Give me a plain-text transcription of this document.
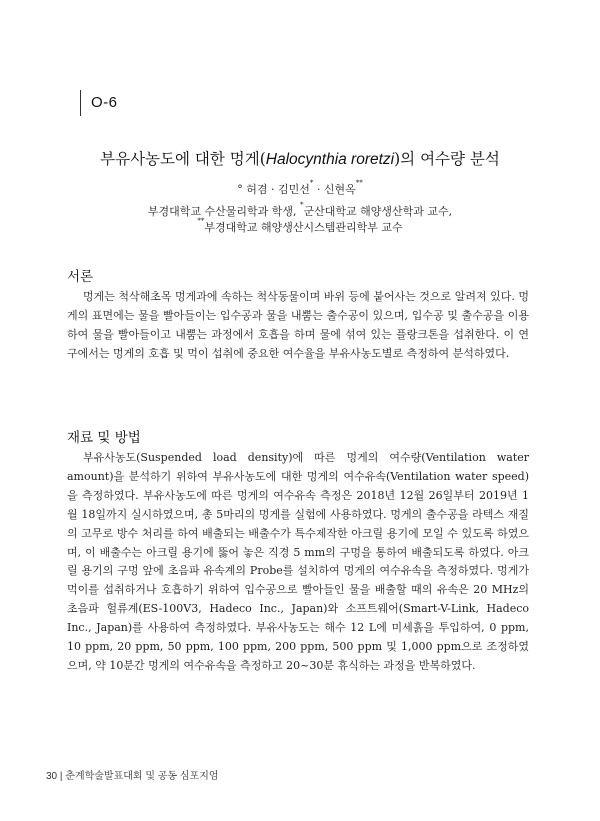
O-6
부유사농도에 대한 멍게(Halocynthia roretzi)의 여수량 분석
° 허겸 · 김민선* · 신현옥**
부경대학교 수산물리학과 학생, *군산대학교 해양생산학과 교수,
**부경대학교 해양생산시스템관리학부 교수
서론

멍게는 척삭해초목 멍게과에 속하는 척삭동물이며 바위 등에 붙어사는 것으로 알려져 있다. 멍게의 표면에는 물을 빨아들이는 입수공과 물을 내뿜는 출수공이 있으며, 입수공 및 출수공을 이용하여 물을 빨아들이고 내뿜는 과정에서 호흡을 하며 물에 섞여 있는 플랑크톤을 섭취한다. 이 연구에서는 멍게의 호흡 및 먹이 섭취에 중요한 여수율을 부유사농도별로 측정하여 분석하였다.

재료 및 방법

부유사농도(Suspended load density)에 따른 멍게의 여수량(Ventilation water amount)을 분석하기 위하여 부유사농도에 대한 멍게의 여수유속(Ventilation water speed)을 측정하였다. 부유사농도에 따른 멍게의 여수유속 측정은 2018년 12월 26일부터 2019년 1월 18일까지 실시하였으며, 총 5마리의 멍게를 실험에 사용하였다. 멍게의 출수공을 라텍스 재질의 고무로 방수 처리를 하여 배출되는 배출수가 특수제작한 아크릴 용기에 모일 수 있도록 하였으며, 이 배출수는 아크릴 용기에 뚫어 놓은 직경 5 mm의 구멍을 통하여 배출되도록 하였다. 아크릴 용기의 구멍 앞에 초음파 유속계의 Probe를 설치하여 멍게의 여수유속을 측정하였다. 멍게가 먹이를 섭취하거나 호흡하기 위하여 입수공으로 빨아들인 물을 배출할 때의 유속은 20 MHz의 초음파 헐류계(ES-100V3, Hadeco Inc., Japan)와 소프트웨어(Smart-V-Link, Hadeco Inc., Japan)를 사용하여 측정하였다. 부유사농도는 해수 12 L에 미세흙을 투입하여, 0 ppm, 10 ppm, 20 ppm, 50 ppm, 100 ppm, 200 ppm, 500 ppm 및 1,000 ppm으로 조정하였으며, 약 10분간 멍게의 여수유속을 측정하고 20~30분 휴식하는 과정을 반복하였다.

30 | 춘계학술발표대회 및 공동 심포지엄
